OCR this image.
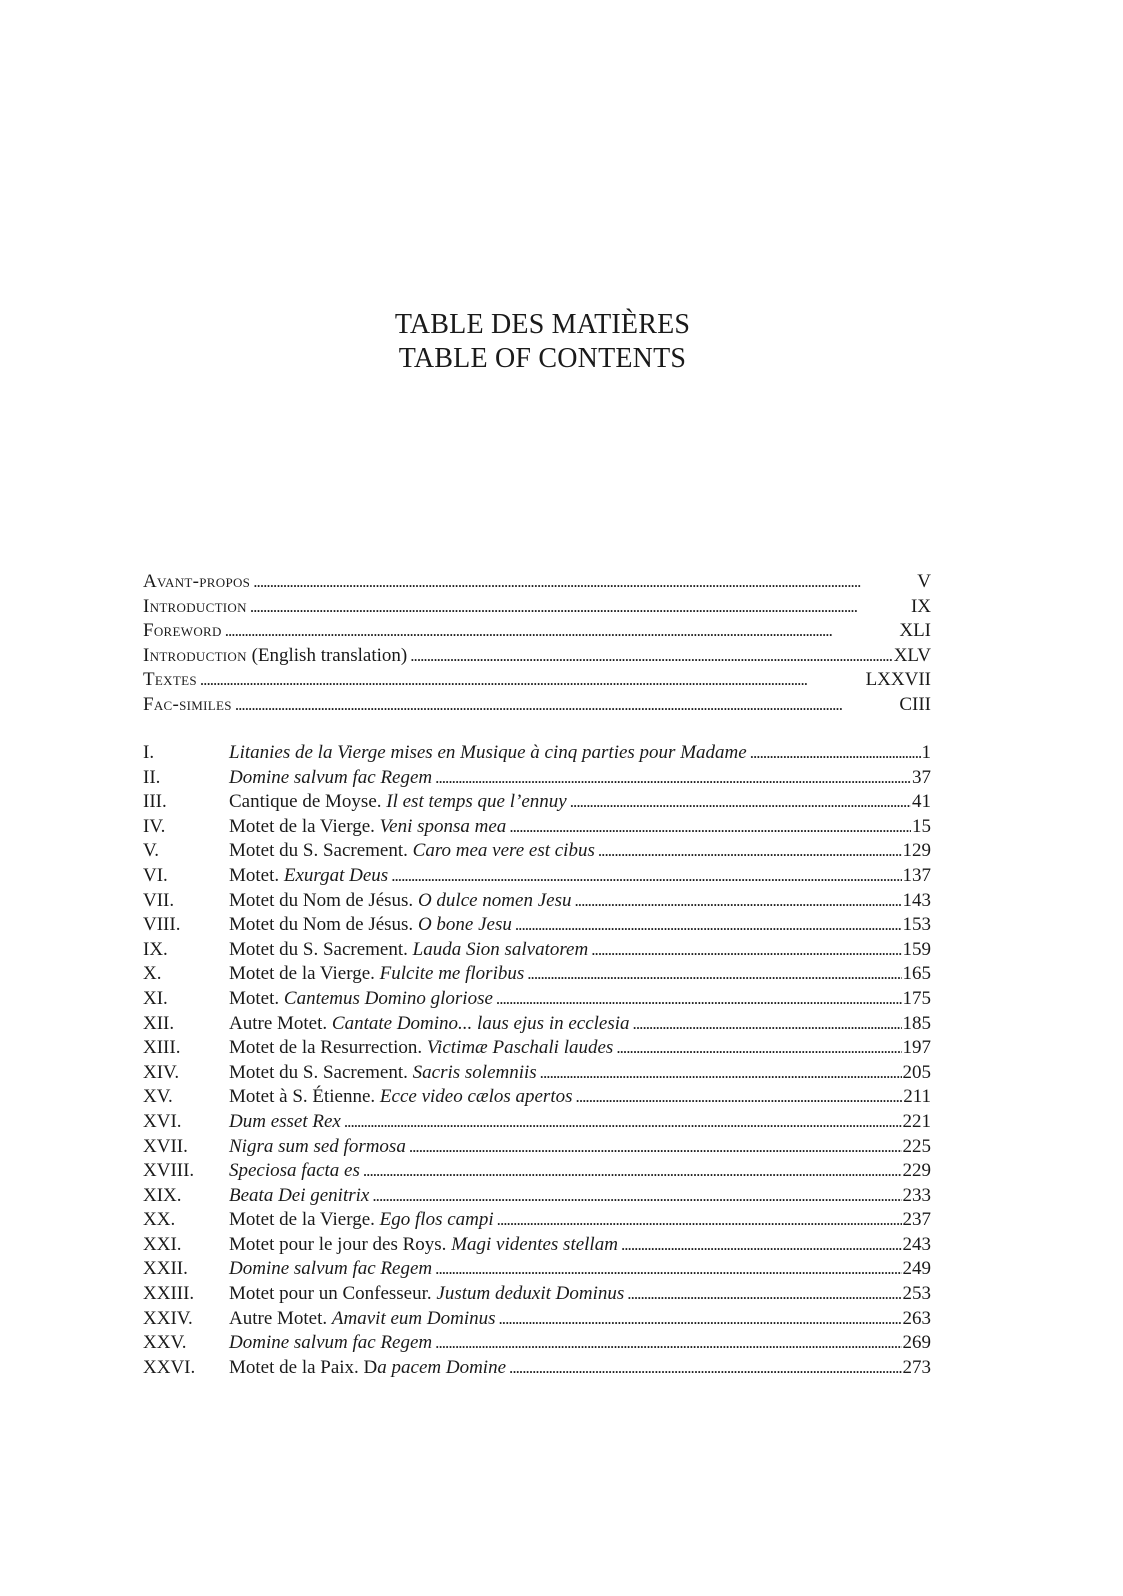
TABLE DES MATIÈRES
TABLE OF CONTENTS
Avant-propos . . .	V
Introduction . . .	IX
Foreword . . .	XLI
Introduction (English translation) . . .	XLV
Textes . . .	LXXVII
Fac-similes . . .	CIII
I.	Litanies de la Vierge mises en Musique à cinq parties pour Madame . . .	1
II.	Domine salvum fac Regem . . .	37
III.	Cantique de Moyse. Il est temps que l’ennuy . . .	41
IV.	Motet de la Vierge. Veni sponsa mea . . .	15
V.	Motet du S. Sacrement. Caro mea vere est cibus . . .	129
VI.	Motet. Exurgat Deus . . .	137
VII.	Motet du Nom de Jésus. O dulce nomen Jesu . . .	143
VIII.	Motet du Nom de Jésus. O bone Jesu . . .	153
IX.	Motet du S. Sacrement. Lauda Sion salvatorem . . .	159
X.	Motet de la Vierge. Fulcite me floribus . . .	165
XI.	Motet. Cantemus Domino gloriose . . .	175
XII.	Autre Motet. Cantate Domino... laus ejus in ecclesia . . .	185
XIII.	Motet de la Resurrection. Victimæ Paschali laudes . . .	197
XIV.	Motet du S. Sacrement. Sacris solemniis . . .	205
XV.	Motet à S. Étienne. Ecce video cælos apertos . . .	211
XVI.	Dum esset Rex . . .	221
XVII.	Nigra sum sed formosa . . .	225
XVIII.	Speciosa facta es . . .	229
XIX.	Beata Dei genitrix . . .	233
XX.	Motet de la Vierge. Ego flos campi . . .	237
XXI.	Motet pour le jour des Roys. Magi videntes stellam . . .	243
XXII.	Domine salvum fac Regem . . .	249
XXIII.	Motet pour un Confesseur. Justum deduxit Dominus . . .	253
XXIV.	Autre Motet. Amavit eum Dominus . . .	263
XXV.	Domine salvum fac Regem . . .	269
XXVI.	Motet de la Paix. Da pacem Domine . . .	273
